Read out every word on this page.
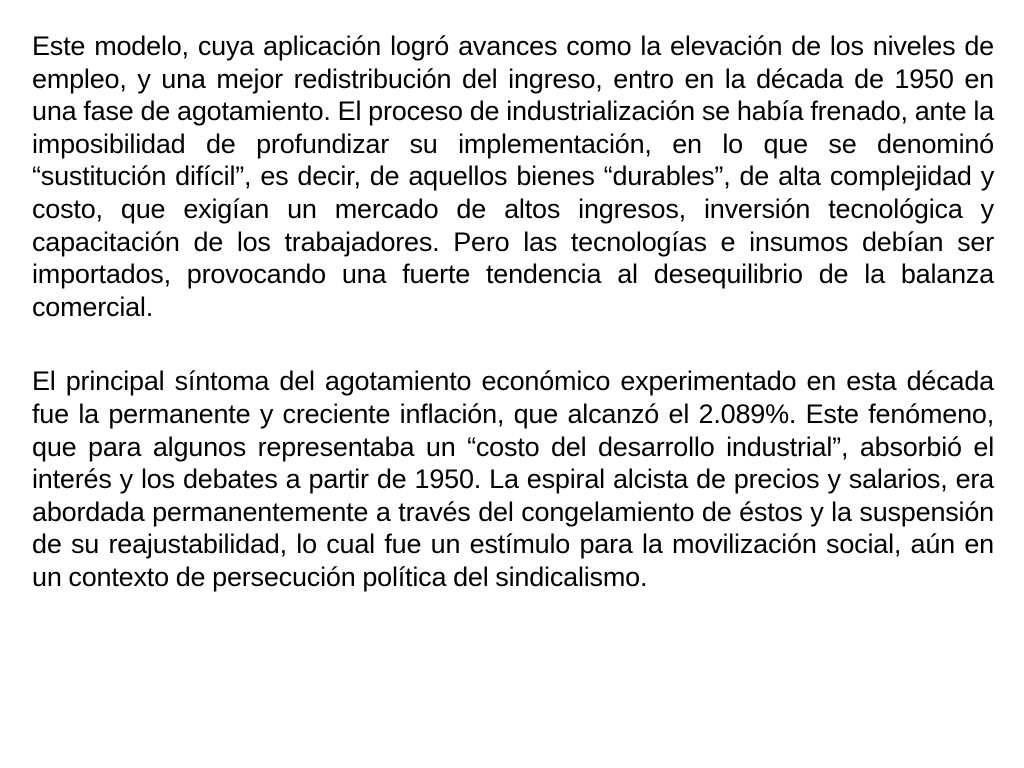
Este modelo, cuya aplicación logró avances como la elevación de los niveles de empleo, y una mejor redistribución del ingreso, entro en la década de 1950 en una fase de agotamiento. El proceso de industrialización se había frenado, ante la imposibilidad de profundizar su implementación, en lo que se denominó “sustitución difícil”, es decir, de aquellos bienes “durables”, de alta complejidad y costo, que exigían un mercado de altos ingresos, inversión tecnológica y capacitación de los trabajadores. Pero las tecnologías e insumos debían ser importados, provocando una fuerte tendencia al desequilibrio de la balanza comercial.

El principal síntoma del agotamiento económico experimentado en esta década fue la permanente y creciente inflación, que alcanzó el 2.089%. Este fenómeno, que para algunos representaba un “costo del desarrollo industrial”, absorbió el interés y los debates a partir de 1950. La espiral alcista de precios y salarios, era abordada permanentemente a través del congelamiento de éstos y la suspensión de su reajustabilidad, lo cual fue un estímulo para la movilización social, aún en un contexto de persecución política del sindicalismo.
